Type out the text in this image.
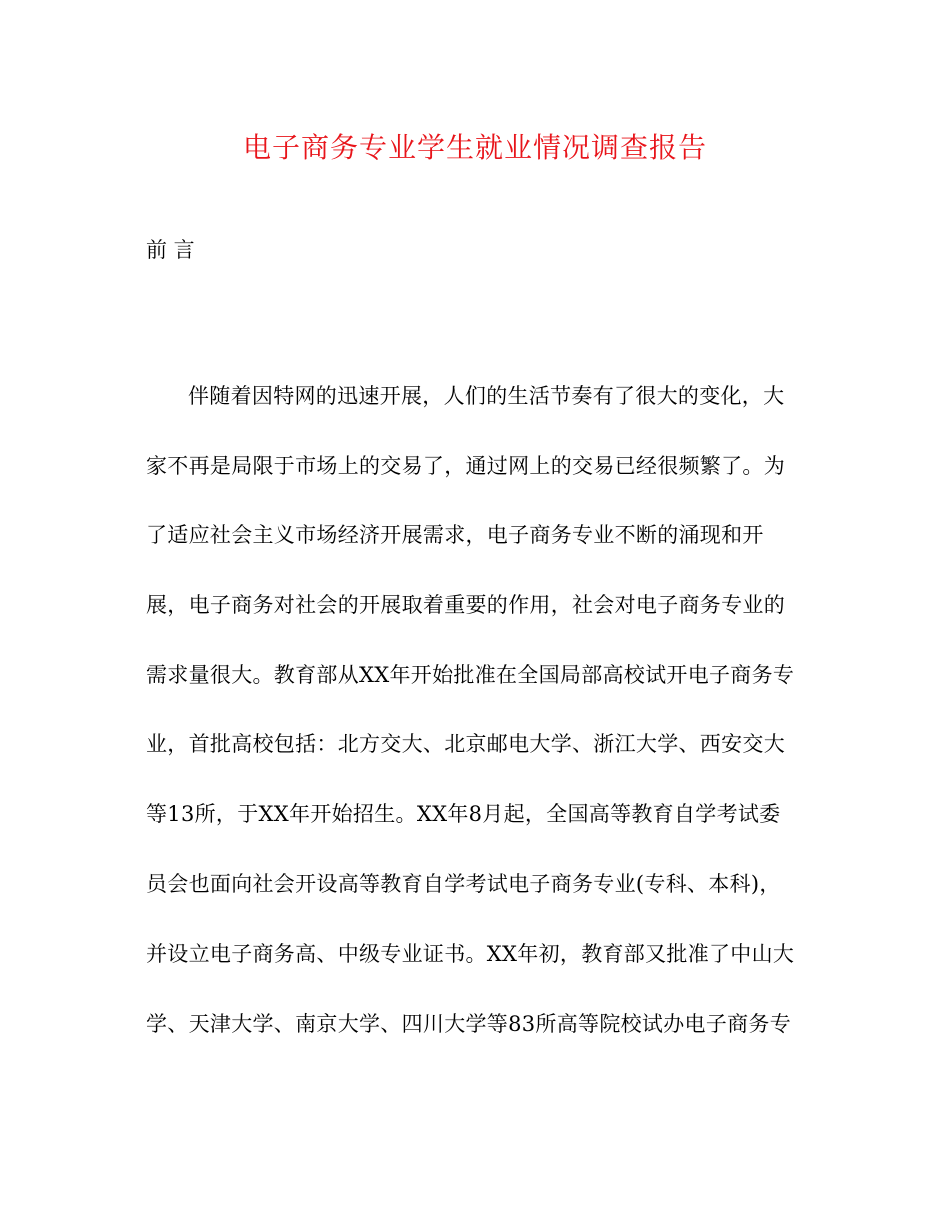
电子商务专业学生就业情况调查报告
前 言
伴随着因特网的迅速开展，人们的生活节奏有了很大的变化，大
家不再是局限于市场上的交易了，通过网上的交易已经很频繁了。为
了适应社会主义市场经济开展需求，电子商务专业不断的涌现和开
展，电子商务对社会的开展取着重要的作用，社会对电子商务专业的
需求量很大。教育部从XX年开始批准在全国局部高校试开电子商务专
业，首批高校包括：北方交大、北京邮电大学、浙江大学、西安交大
等13所，于XX年开始招生。XX年8月起，全国高等教育自学考试委
员会也面向社会开设高等教育自学考试电子商务专业(专科、本科)，
并设立电子商务高、中级专业证书。XX年初，教育部又批准了中山大
学、天津大学、南京大学、四川大学等83所高等院校试办电子商务专
